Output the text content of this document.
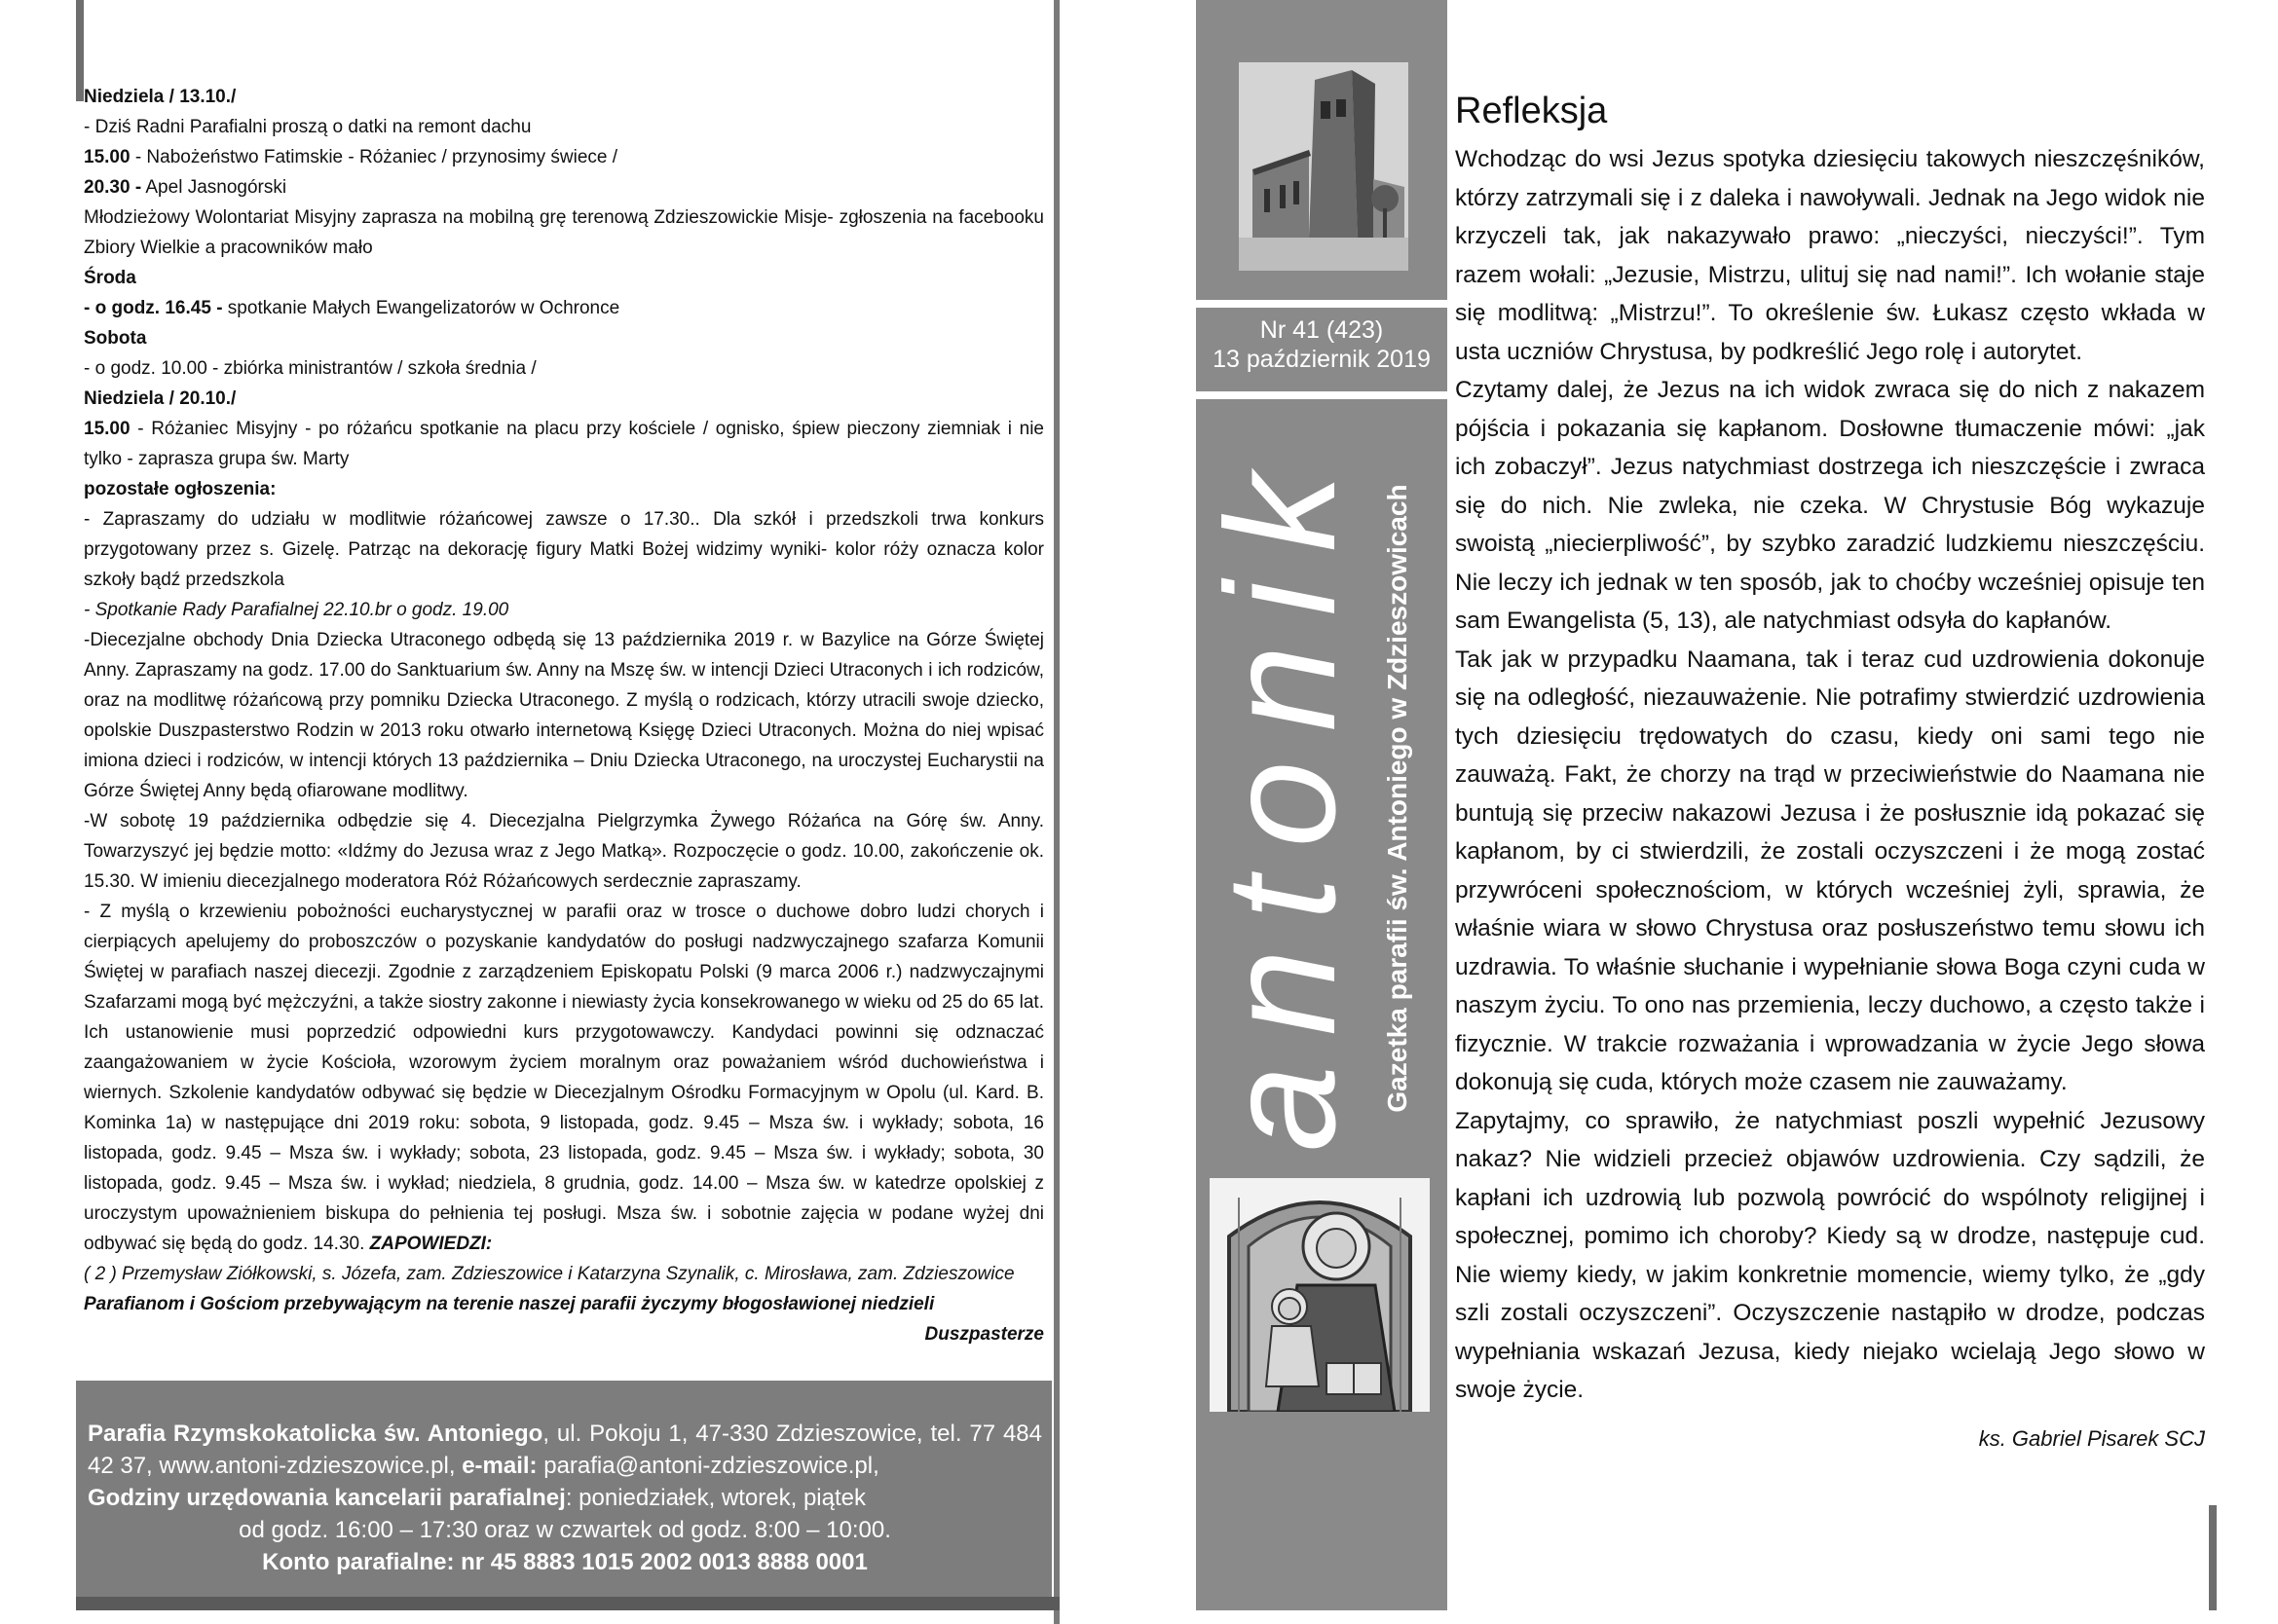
Niedziela / 13.10./

- Dziś Radni Parafialni proszą o datki na remont dachu

15.00 - Nabożeństwo Fatimskie - Różaniec / przynosimy świece /

20.30 - Apel Jasnogórski

Młodzieżowy Wolontariat Misyjny zaprasza na mobilną grę terenową Zdzieszowickie Misje- zgłoszenia na facebooku Zbiory Wielkie a pracowników mało

Środa

- o godz. 16.45 - spotkanie Małych Ewangelizatorów w Ochronce

Sobota

- o godz. 10.00 - zbiórka ministrantów / szkoła średnia /

Niedziela / 20.10./

15.00 - Różaniec Misyjny - po różańcu spotkanie na placu przy kościele / ognisko, śpiew pieczony ziemniak i nie tylko - zaprasza grupa św. Marty

pozostałe ogłoszenia:

- Zapraszamy do udziału w modlitwie różańcowej zawsze o 17.30.. Dla szkół i przedszkoli trwa konkurs przygotowany przez s. Gizelę. Patrząc na dekorację figury Matki Bożej widzimy wyniki- kolor róży oznacza kolor szkoły bądź przedszkola

- Spotkanie Rady Parafialnej 22.10.br o godz. 19.00

-Diecezjalne obchody Dnia Dziecka Utraconego odbędą się 13 października 2019 r. w Bazylice na Górze Świętej Anny. Zapraszamy na godz. 17.00 do Sanktuarium św. Anny na Mszę św. w intencji Dzieci Utraconych i ich rodziców, oraz na modlitwę różańcową przy pomniku Dziecka Utraconego. Z myślą o rodzicach, którzy utracili swoje dziecko, opolskie Duszpasterstwo Rodzin w 2013 roku otwarło internetową Księgę Dzieci Utraconych. Można do niej wpisać imiona dzieci i rodziców, w intencji których 13 października – Dniu Dziecka Utraconego, na uroczystej Eucharystii na Górze Świętej Anny będą ofiarowane modlitwy.

-W sobotę 19 października odbędzie się 4. Diecezjalna Pielgrzymka Żywego Różańca na Górę św. Anny. Towarzyszyć jej będzie motto: «Idźmy do Jezusa wraz z Jego Matką». Rozpoczęcie o godz. 10.00, zakończenie ok. 15.30. W imieniu diecezjalnego moderatora Róż Różańcowych serdecznie zapraszamy.

- Z myślą o krzewieniu pobożności eucharystycznej w parafii oraz w trosce o duchowe dobro ludzi chorych i cierpiących apelujemy do proboszczów o pozyskanie kandydatów do posługi nadzwyczajnego szafarza Komunii Świętej w parafiach naszej diecezji. Zgodnie z zarządzeniem Episkopatu Polski (9 marca 2006 r.) nadzwyczajnymi Szafarzami mogą być mężczyźni, a także siostry zakonne i niewiasty życia konsekrowanego w wieku od 25 do 65 lat. Ich ustanowienie musi poprzedzić odpowiedni kurs przygotowawczy. Kandydaci powinni się odznaczać zaangażowaniem w życie Kościoła, wzorowym życiem moralnym oraz poważaniem wśród duchowieństwa i wiernych. Szkolenie kandydatów odbywać się będzie w Diecezjalnym Ośrodku Formacyjnym w Opolu (ul. Kard. B. Kominka 1a) w następujące dni 2019 roku: sobota, 9 listopada, godz. 9.45 – Msza św. i wykłady; sobota, 16 listopada, godz. 9.45 – Msza św. i wykłady; sobota, 23 listopada, godz. 9.45 – Msza św. i wykłady; sobota, 30 listopada, godz. 9.45 – Msza św. i wykład; niedziela, 8 grudnia, godz. 14.00 – Msza św. w katedrze opolskiej z uroczystym upoważnieniem biskupa do pełnienia tej posługi. Msza św. i sobotnie zajęcia w podane wyżej dni odbywać się będą do godz. 14.30. ZAPOWIEDZI:

( 2 ) Przemysław Ziółkowski, s. Józefa, zam. Zdzieszowice i Katarzyna Szynalik, c. Mirosława, zam. Zdzieszowice

Parafianom i Gościom przebywającym na terenie naszej parafii życzymy błogosławionej niedzieli

Duszpasterze

Parafia Rzymskokatolicka św. Antoniego, ul. Pokoju 1, 47-330 Zdzieszowice, tel. 77 484 42 37, www.antoni-zdzieszowice.pl, e-mail: parafia@antoni-zdzieszowice.pl,

Godziny urzędowania kancelarii parafialnej: poniedziałek, wtorek, piątek

od godz. 16:00 – 17:30 oraz w czwartek od godz. 8:00 – 10:00.

Konto parafialne: nr 45 8883 1015 2002 0013 8888 0001

Nr 41 (423)
13 październik 2019
antonik Gazetka parafii św. Antoniego w Zdzieszowicach
Refleksja

Wchodząc do wsi Jezus spotyka dziesięciu takowych nieszczęśników, którzy zatrzymali się i z daleka i nawoływali. Jednak na Jego widok nie krzyczeli tak, jak nakazywało prawo: „nieczyści, nieczyści!”. Tym razem wołali: „Jezusie, Mistrzu, ulituj się nad nami!”. Ich wołanie staje się modlitwą: „Mistrzu!”. To określenie św. Łukasz często wkłada w usta uczniów Chrystusa, by podkreślić Jego rolę i autorytet.

Czytamy dalej, że Jezus na ich widok zwraca się do nich z nakazem pójścia i pokazania się kapłanom. Dosłowne tłumaczenie mówi: „jak ich zobaczył”. Jezus natychmiast dostrzega ich nieszczęście i zwraca się do nich. Nie zwleka, nie czeka. W Chrystusie Bóg wykazuje swoistą „niecierpliwość”, by szybko zaradzić ludzkiemu nieszczęściu. Nie leczy ich jednak w ten sposób, jak to choćby wcześniej opisuje ten sam Ewangelista (5, 13), ale natychmiast odsyła do kapłanów.

Tak jak w przypadku Naamana, tak i teraz cud uzdrowienia dokonuje się na odległość, niezauważenie. Nie potrafimy stwierdzić uzdrowienia tych dziesięciu trędowatych do czasu, kiedy oni sami tego nie zauważą. Fakt, że chorzy na trąd w przeciwieństwie do Naamana nie buntują się przeciw nakazowi Jezusa i że posłusznie idą pokazać się kapłanom, by ci stwierdzili, że zostali oczyszczeni i że mogą zostać przywróceni społecznościom, w których wcześniej żyli, sprawia, że właśnie wiara w słowo Chrystusa oraz posłuszeństwo temu słowu ich uzdrawia. To właśnie słuchanie i wypełnianie słowa Boga czyni cuda w naszym życiu. To ono nas przemienia, leczy duchowo, a często także i fizycznie. W trakcie rozważania i wprowadzania w życie Jego słowa dokonują się cuda, których może czasem nie zauważamy.

Zapytajmy, co sprawiło, że natychmiast poszli wypełnić Jezusowy nakaz? Nie widzieli przecież objawów uzdrowienia. Czy sądzili, że kapłani ich uzdrowią lub pozwolą powrócić do wspólnoty religijnej i społecznej, pomimo ich choroby? Kiedy są w drodze, następuje cud. Nie wiemy kiedy, w jakim konkretnie momencie, wiemy tylko, że „gdy szli zostali oczyszczeni”. Oczyszczenie nastąpiło w drodze, podczas wypełniania wskazań Jezusa, kiedy niejako wcielają Jego słowo w swoje życie.

ks. Gabriel Pisarek SCJ
